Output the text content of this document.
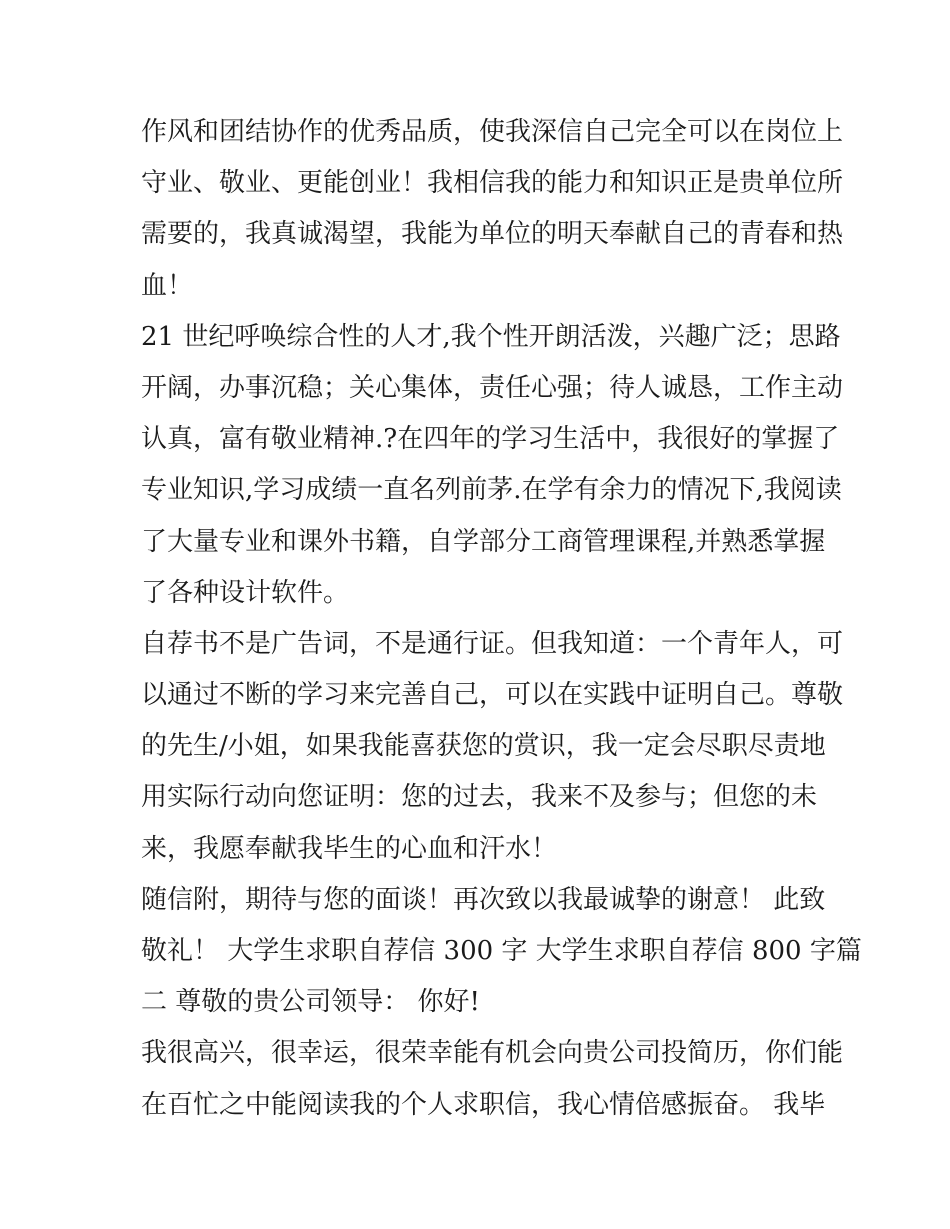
作风和团结协作的优秀品质，使我深信自己完全可以在岗位上
守业、敬业、更能创业！我相信我的能力和知识正是贵单位所
需要的，我真诚渴望，我能为单位的明天奉献自己的青春和热
血！
21 世纪呼唤综合性的人才,我个性开朗活泼，兴趣广泛；思路
开阔，办事沉稳；关心集体，责任心强；待人诚恳，工作主动
认真，富有敬业精神.?在四年的学习生活中，我很好的掌握了
专业知识,学习成绩一直名列前茅.在学有余力的情况下,我阅读
了大量专业和课外书籍，自学部分工商管理课程,并熟悉掌握
了各种设计软件。
自荐书不是广告词，不是通行证。但我知道：一个青年人，可
以通过不断的学习来完善自己，可以在实践中证明自己。尊敬
的先生/小姐，如果我能喜获您的赏识，我一定会尽职尽责地
用实际行动向您证明：您的过去，我来不及参与；但您的未
来，我愿奉献我毕生的心血和汗水！
随信附，期待与您的面谈！再次致以我最诚挚的谢意！ 此致
敬礼！ 大学生求职自荐信 300 字 大学生求职自荐信 800 字篇
二 尊敬的贵公司领导： 你好!
我很高兴，很幸运，很荣幸能有机会向贵公司投简历，你们能
在百忙之中能阅读我的个人求职信，我心情倍感振奋。 我毕
